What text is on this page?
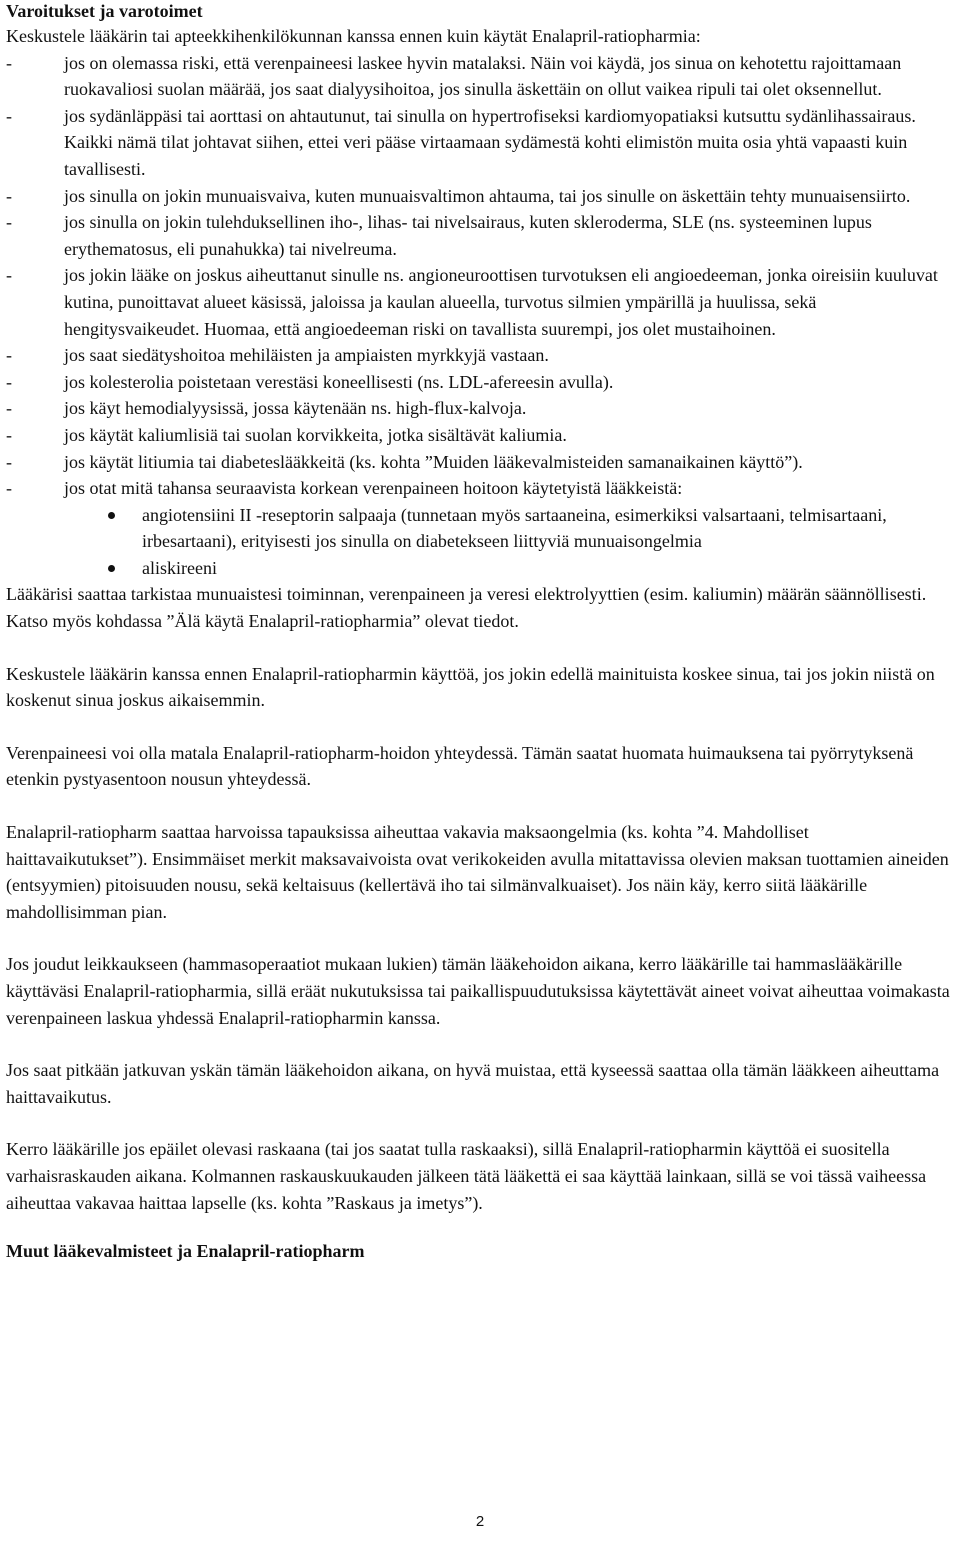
Varoitukset ja varotoimet

Keskustele lääkärin tai apteekkihenkilökunnan kanssa ennen kuin käytät Enalapril-ratiopharmia:

-	jos on olemassa riski, että verenpaineesi laskee hyvin matalaksi. Näin voi käydä, jos sinua on kehotettu rajoittamaan ruokavaliosi suolan määrää, jos saat dialyysihoitoa, jos sinulla äskettäin on ollut vaikea ripuli tai olet oksennellut.
-	jos sydänläppäsi tai aorttasi on ahtautunut, tai sinulla on hypertrofiseksi kardiomyopatiaksi kutsuttu sydänlihassairaus. Kaikki nämä tilat johtavat siihen, ettei veri pääse virtaamaan sydämestä kohti elimistön muita osia yhtä vapaasti kuin tavallisesti.
-	jos sinulla on jokin munuaisvaiva, kuten munuaisvaltimon ahtauma, tai jos sinulle on äskettäin tehty munuaisensiirto.
-	jos sinulla on jokin tulehduksellinen iho-, lihas- tai nivelsairaus, kuten skleroderma, SLE (ns. systeeminen lupus erythematosus, eli punahukka) tai nivelreuma.
-	jos jokin lääke on joskus aiheuttanut sinulle ns. angioneuroottisen turvotuksen eli angioedeeman, jonka oireisiin kuuluvat kutina, punoittavat alueet käsissä, jaloissa ja kaulan alueella, turvotus silmien ympärillä ja huulissa, sekä hengitysvaikeudet. Huomaa, että angioedeeman riski on tavallista suurempi, jos olet mustaihoinen.
-	jos saat siedätyshoitoa mehiläisten ja ampiaisten myrkkyjä vastaan.
-	jos kolesterolia poistetaan verestäsi koneellisesti (ns. LDL-afereesin avulla).
-	jos käyt hemodialyysissä, jossa käytenään ns. high-flux-kalvoja.
-	jos käytät kaliumlisiä tai suolan korvikkeita, jotka sisältävät kaliumia.
-	jos käytät litiumia tai diabeteslääkkeitä (ks. kohta ”Muiden lääkevalmisteiden samanaikainen käyttö”).
-	jos otat mitä tahansa seuraavista korkean verenpaineen hoitoon käytetyistä lääkkeistä:
angiotensiini II -reseptorin salpaaja (tunnetaan myös sartaaneina, esimerkiksi valsartaani, telmisartaani, irbesartaani), erityisesti jos sinulla on diabetekseen liittyviä munuaisongelmia
aliskireeni

Lääkärisi saattaa tarkistaa munuaistesi toiminnan, verenpaineen ja veresi elektrolyyttien (esim. kaliumin) määrän säännöllisesti.

Katso myös kohdassa ”Älä käytä Enalapril-ratiopharmia” olevat tiedot.

Keskustele lääkärin kanssa ennen Enalapril-ratiopharmin käyttöä, jos jokin edellä mainituista koskee sinua, tai jos jokin niistä on koskenut sinua joskus aikaisemmin.

Verenpaineesi voi olla matala Enalapril-ratiopharm-hoidon yhteydessä. Tämän saatat huomata huimauksena tai pyörrytyksenä etenkin pystyasentoon nousun yhteydessä.

Enalapril-ratiopharm saattaa harvoissa tapauksissa aiheuttaa vakavia maksaongelmia (ks. kohta ”4. Mahdolliset haittavaikutukset”). Ensimmäiset merkit maksavaivoista ovat verikokeiden avulla mitattavissa olevien maksan tuottamien aineiden (entsyymien) pitoisuuden nousu, sekä keltaisuus (kellertävä iho tai silmänvalkuaiset). Jos näin käy, kerro siitä lääkärille mahdollisimman pian.

Jos joudut leikkaukseen (hammasoperaatiot mukaan lukien) tämän lääkehoidon aikana, kerro lääkärille tai hammaslääkärille käyttäväsi Enalapril-ratiopharmia, sillä eräät nukutuksissa tai paikallispuudutuksissa käytettävät aineet voivat aiheuttaa voimakasta verenpaineen laskua yhdessä Enalapril-ratiopharmin kanssa.

Jos saat pitkään jatkuvan yskän tämän lääkehoidon aikana, on hyvä muistaa, että kyseessä saattaa olla tämän lääkkeen aiheuttama haittavaikutus.

Kerro lääkärille jos epäilet olevasi raskaana (tai jos saatat tulla raskaaksi), sillä Enalapril-ratiopharmin käyttöä ei suositella varhaisraskauden aikana. Kolmannen raskauskuukauden jälkeen tätä lääkettä ei saa käyttää lainkaan, sillä se voi tässä vaiheessa aiheuttaa vakavaa haittaa lapselle (ks. kohta ”Raskaus ja imetys”).

Muut lääkevalmisteet ja Enalapril-ratiopharm
2
